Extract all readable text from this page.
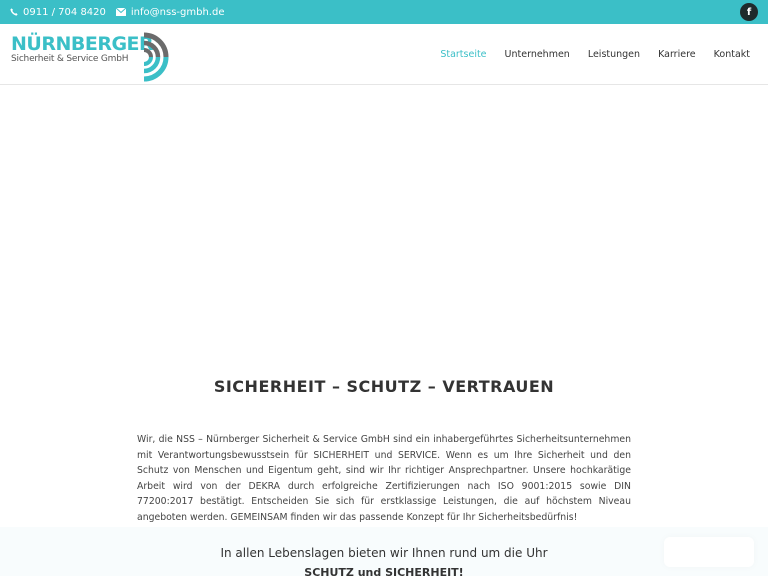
0911 / 704 8420	info@nss-gmbh.de	f
NÜRNBERGER
Sicherheit & Service GmbH	Startseite Unternehmen Leistungen Karriere Kontakt
SICHERHEIT – SCHUTZ – VERTRAUEN

Wir, die NSS – Nürnberger Sicherheit & Service GmbH sind ein inhabergeführtes Sicherheitsunternehmen mit Verantwortungsbewusstsein für SICHERHEIT und SERVICE. Wenn es um Ihre Sicherheit und den Schutz von Menschen und Eigentum geht, sind wir Ihr richtiger Ansprechpartner. Unsere hochkarätige Arbeit wird von der DEKRA durch erfolgreiche Zertifizierungen nach ISO 9001:2015 sowie DIN 77200:2017 bestätigt. Entscheiden Sie sich für erstklassige Leistungen, die auf höchstem Niveau angeboten werden. GEMEINSAM finden wir das passende Konzept für Ihr Sicherheitsbedürfnis!

In allen Lebenslagen bieten wir Ihnen rund um die Uhr
SCHUTZ und SICHERHEIT!
